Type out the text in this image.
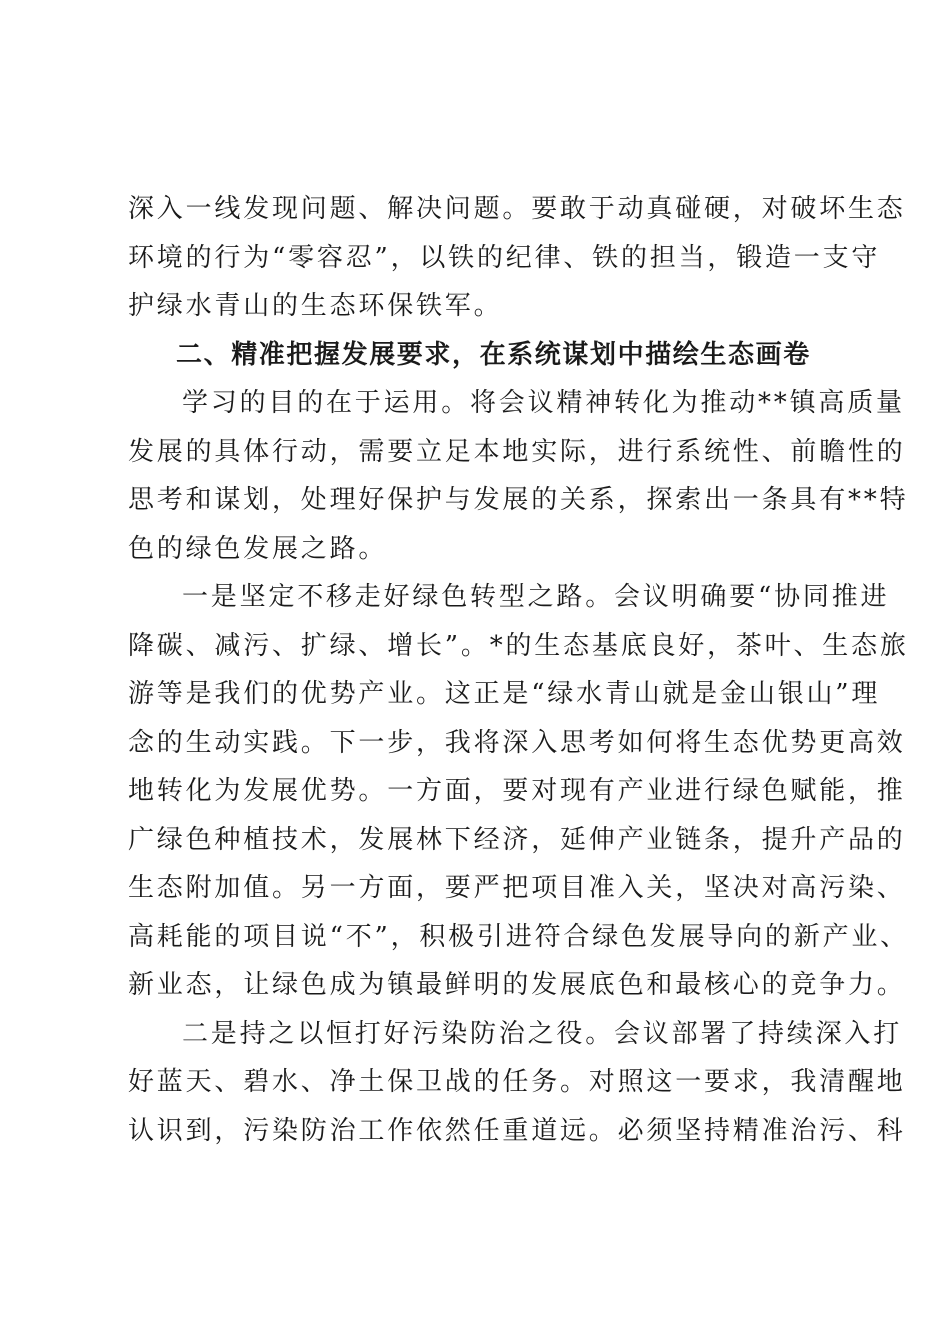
深入一线发现问题、解决问题。要敢于动真碰硬，对破坏生态
环境的行为“零容忍”，以铁的纪律、铁的担当，锻造一支守
护绿水青山的生态环保铁军。
二、精准把握发展要求，在系统谋划中描绘生态画卷
学习的目的在于运用。将会议精神转化为推动**镇高质量
发展的具体行动，需要立足本地实际，进行系统性、前瞻性的
思考和谋划，处理好保护与发展的关系，探索出一条具有**特
色的绿色发展之路。
一是坚定不移走好绿色转型之路。会议明确要“协同推进
降碳、减污、扩绿、增长”。*的生态基底良好，茶叶、生态旅
游等是我们的优势产业。这正是“绿水青山就是金山银山”理
念的生动实践。下一步，我将深入思考如何将生态优势更高效
地转化为发展优势。一方面，要对现有产业进行绿色赋能，推
广绿色种植技术，发展林下经济，延伸产业链条，提升产品的
生态附加值。另一方面，要严把项目准入关，坚决对高污染、
高耗能的项目说“不”，积极引进符合绿色发展导向的新产业、
新业态，让绿色成为镇最鲜明的发展底色和最核心的竞争力。
二是持之以恒打好污染防治之役。会议部署了持续深入打
好蓝天、碧水、净土保卫战的任务。对照这一要求，我清醒地
认识到，污染防治工作依然任重道远。必须坚持精准治污、科
